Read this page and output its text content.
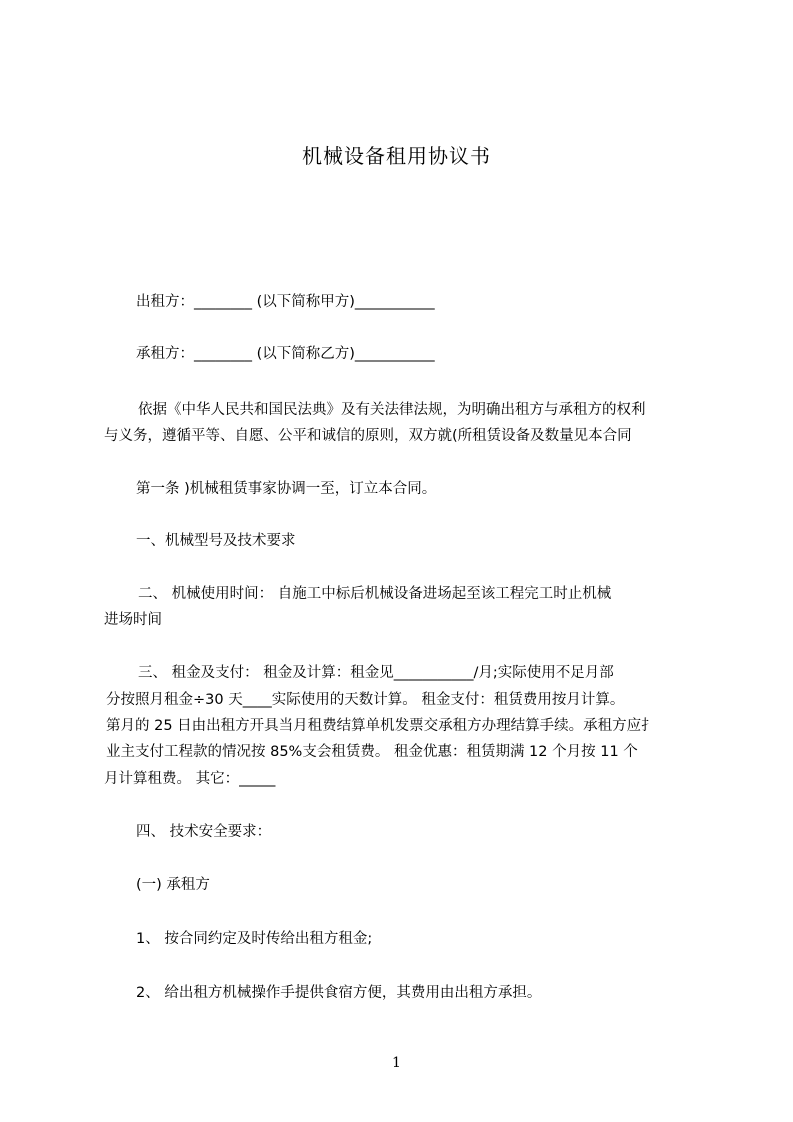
机械设备租用协议书
出租方：________ (以下简称甲方)___________
承租方：________ (以下简称乙方)___________
依据《中华人民共和国民法典》及有关法律法规，为明确出租方与承租方的权利
与义务，遵循平等、自愿、公平和诚信的原则，双方就(所租赁设备及数量见本合同
第一条 )机械租赁事家协调一至，订立本合同。
一、机械型号及技术要求
二、 机械使用时间： 自施工中标后机械设备进场起至该工程完工时止机械
进场时间
三、 租金及支付： 租金及计算：租金见___________/月;实际使用不足月部
分按照月租金÷30 天____实际使用的天数计算。 租金支付：租赁费用按月计算。
第月的 25 日由出租方开具当月租费结算单机发票交承租方办理结算手续。承租方应扌
业主支付工程款的情况按 85%支会租赁费。 租金优惠：租赁期满 12 个月按 11 个
月计算租费。 其它：_____
四、 技术安全要求：
(一) 承租方
1、 按合同约定及时传给出租方租金;
2、 给出租方机械操作手提供食宿方便，其费用由出租方承担。
1
